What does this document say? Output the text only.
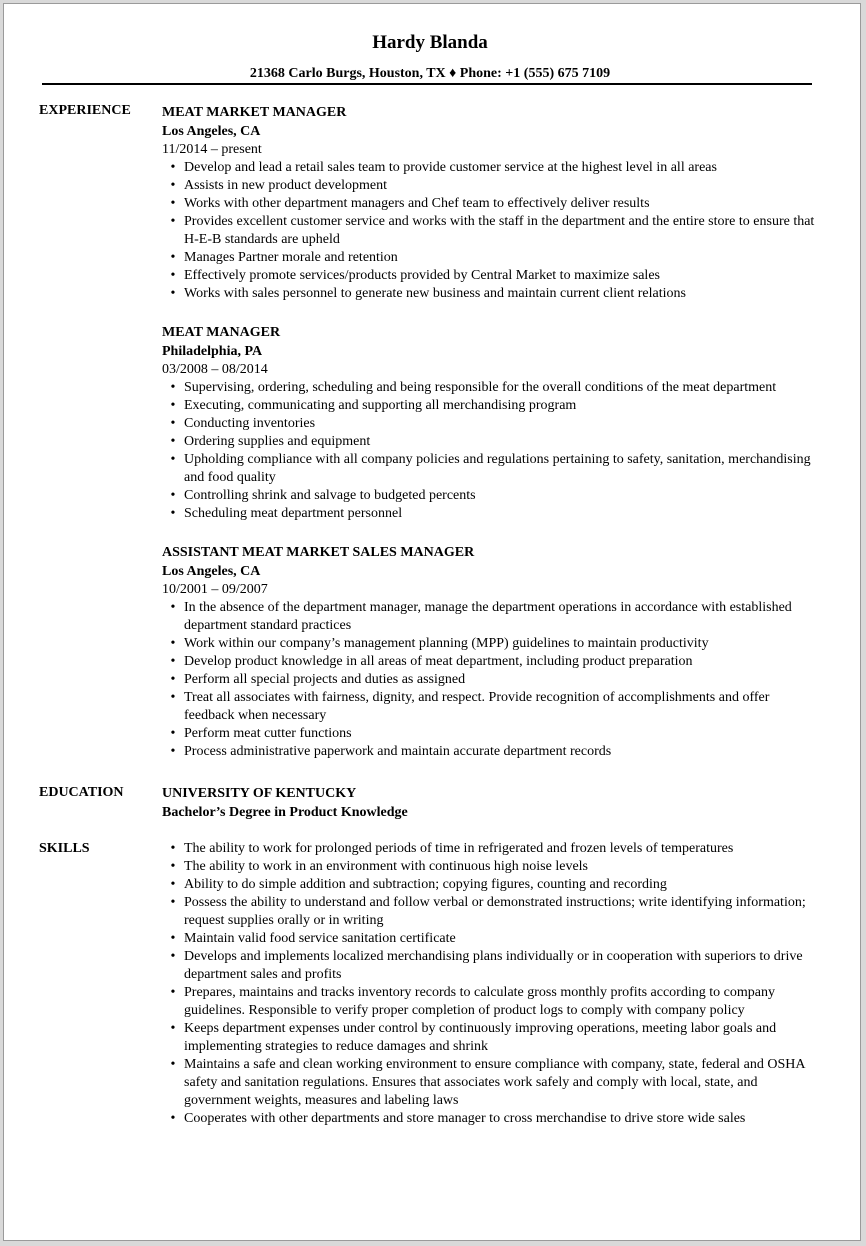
Hardy Blanda
21368 Carlo Burgs, Houston, TX ♦ Phone: +1 (555) 675 7109
EXPERIENCE MEAT MARKET MANAGER
Los Angeles, CA
11/2014 – present
• Develop and lead a retail sales team to provide customer service at the highest level in all areas
• Assists in new product development
• Works with other department managers and Chef team to effectively deliver results
• Provides excellent customer service and works with the staff in the department and the entire store to ensure that H-E-B standards are upheld
• Manages Partner morale and retention
• Effectively promote services/products provided by Central Market to maximize sales
• Works with sales personnel to generate new business and maintain current client relations
MEAT MANAGER
Philadelphia, PA
03/2008 – 08/2014
• Supervising, ordering, scheduling and being responsible for the overall conditions of the meat department
• Executing, communicating and supporting all merchandising program
• Conducting inventories
• Ordering supplies and equipment
• Upholding compliance with all company policies and regulations pertaining to safety, sanitation, merchandising and food quality
• Controlling shrink and salvage to budgeted percents
• Scheduling meat department personnel
ASSISTANT MEAT MARKET SALES MANAGER
Los Angeles, CA
10/2001 – 09/2007
• In the absence of the department manager, manage the department operations in accordance with established department standard practices
• Work within our company’s management planning (MPP) guidelines to maintain productivity
• Develop product knowledge in all areas of meat department, including product preparation
• Perform all special projects and duties as assigned
• Treat all associates with fairness, dignity, and respect. Provide recognition of accomplishments and offer feedback when necessary
• Perform meat cutter functions
• Process administrative paperwork and maintain accurate department records
EDUCATION	UNIVERSITY OF KENTUCKY
Bachelor’s Degree in Product Knowledge
SKILLS	• The ability to work for prolonged periods of time in refrigerated and frozen levels of temperatures
• The ability to work in an environment with continuous high noise levels
• Ability to do simple addition and subtraction; copying figures, counting and recording
• Possess the ability to understand and follow verbal or demonstrated instructions; write identifying information; request supplies orally or in writing
• Maintain valid food service sanitation certificate
• Develops and implements localized merchandising plans individually or in cooperation with superiors to drive department sales and profits
• Prepares, maintains and tracks inventory records to calculate gross monthly profits according to company guidelines. Responsible to verify proper completion of product logs to comply with company policy
• Keeps department expenses under control by continuously improving operations, meeting labor goals and implementing strategies to reduce damages and shrink
• Maintains a safe and clean working environment to ensure compliance with company, state, federal and OSHA safety and sanitation regulations. Ensures that associates work safely and comply with local, state, and government weights, measures and labeling laws
• Cooperates with other departments and store manager to cross merchandise to drive store wide sales
